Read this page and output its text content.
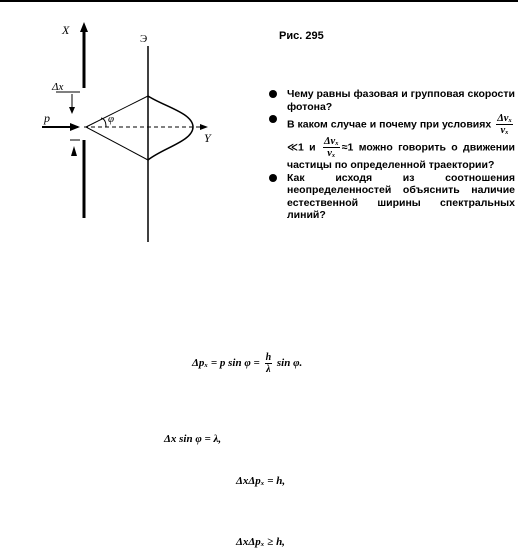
X
Δx
p
Y
φ
Э	Рис. 295
Чему равны фазовая и групповая скорости фотона?
В каком случае и почему при условиях $\frac{\text{Δvₓ}}{\text{vₓ}}$
≪1 и $\frac{\text{Δvₓ}}{\text{vₓ}} \approx 1$ можно говорить о движении частицы по определенной траектории?
Как исходя из соотношения неопределенностей объяснить наличие естественной ширины спектральных линий?
Δpₓ = p $\sin \varphi = \frac{h}{\lambda}$ sin φ.
Δx sin φ = λ,
ΔxΔpₓ = h,
ΔxΔpₓ ≥ h,
